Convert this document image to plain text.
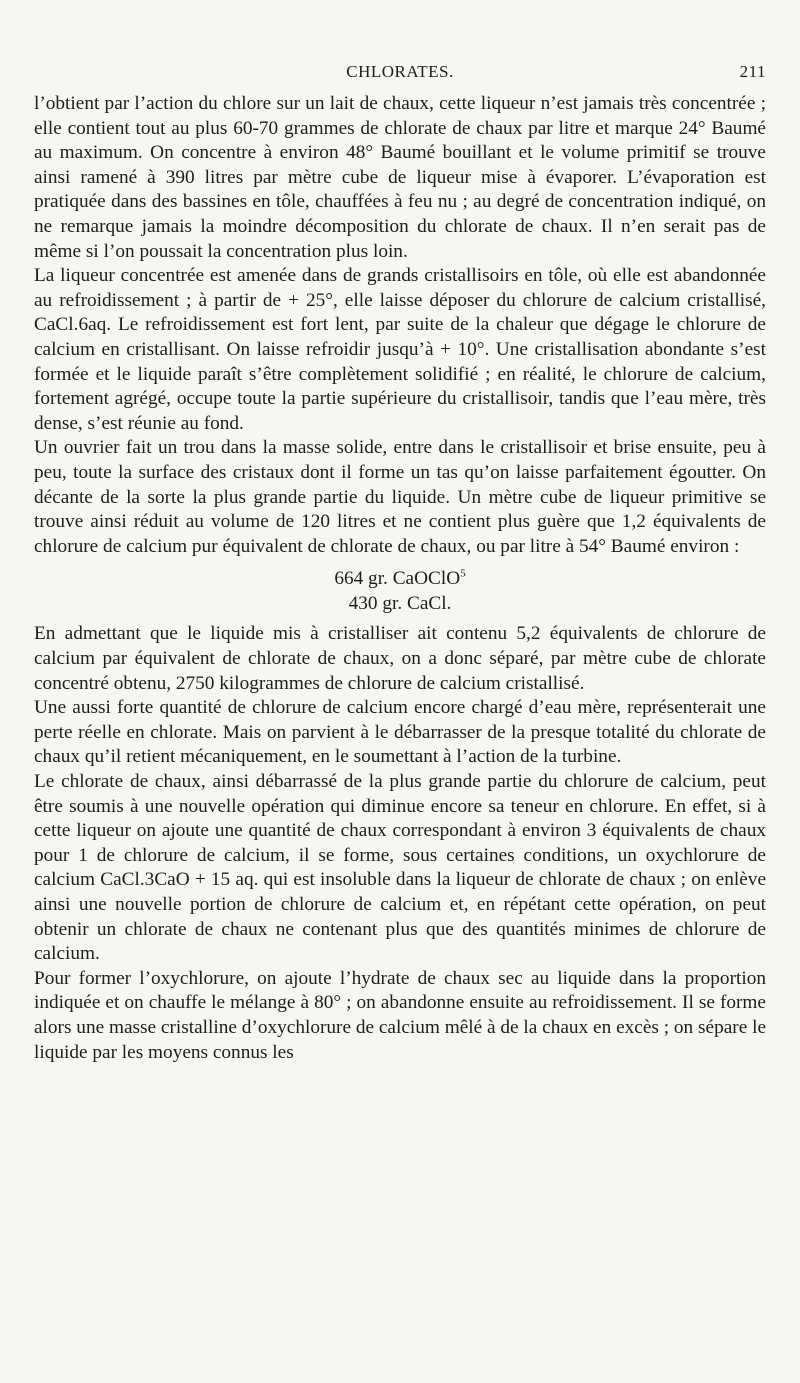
CHLORATES.	211

l’obtient par l’action du chlore sur un lait de chaux, cette liqueur n’est jamais très concentrée ; elle contient tout au plus 60-70 grammes de chlorate de chaux par litre et marque 24° Baumé au maximum. On concentre à environ 48° Baumé bouillant et le volume primitif se trouve ainsi ramené à 390 litres par mètre cube de liqueur mise à évaporer. L’évaporation est pratiquée dans des bassines en tôle, chauffées à feu nu ; au degré de concentration indiqué, on ne remarque jamais la moindre décomposition du chlorate de chaux. Il n’en serait pas de même si l’on poussait la concentration plus loin.

La liqueur concentrée est amenée dans de grands cristallisoirs en tôle, où elle est abandonnée au refroidissement ; à partir de + 25°, elle laisse déposer du chlorure de calcium cristallisé, CaCl.6aq. Le refroidissement est fort lent, par suite de la chaleur que dégage le chlorure de calcium en cristallisant. On laisse refroidir jusqu’à + 10°. Une cristallisation abondante s’est formée et le liquide paraît s’être complètement solidifié ; en réalité, le chlorure de calcium, fortement agrégé, occupe toute la partie supérieure du cristallisoir, tandis que l’eau mère, très dense, s’est réunie au fond.

Un ouvrier fait un trou dans la masse solide, entre dans le cristallisoir et brise ensuite, peu à peu, toute la surface des cristaux dont il forme un tas qu’on laisse parfaitement égoutter. On décante de la sorte la plus grande partie du liquide. Un mètre cube de liqueur primitive se trouve ainsi réduit au volume de 120 litres et ne contient plus guère que 1,2 équivalents de chlorure de calcium pur équivalent de chlorate de chaux, ou par litre à 54° Baumé environ :

664 gr. CaOClO$^5$
430 gr. CaCl.

En admettant que le liquide mis à cristalliser ait contenu 5,2 équivalents de chlorure de calcium par équivalent de chlorate de chaux, on a donc séparé, par mètre cube de chlorate concentré obtenu, 2750 kilogrammes de chlorure de calcium cristallisé.

Une aussi forte quantité de chlorure de calcium encore chargé d’eau mère, représenterait une perte réelle en chlorate. Mais on parvient à le débarrasser de la presque totalité du chlorate de chaux qu’il retient mécaniquement, en le soumettant à l’action de la turbine.

Le chlorate de chaux, ainsi débarrassé de la plus grande partie du chlorure de calcium, peut être soumis à une nouvelle opération qui diminue encore sa teneur en chlorure. En effet, si à cette liqueur on ajoute une quantité de chaux correspondant à environ 3 équivalents de chaux pour 1 de chlorure de calcium, il se forme, sous certaines conditions, un oxychlorure de calcium CaCl.3CaO + 15 aq. qui est insoluble dans la liqueur de chlorate de chaux ; on enlève ainsi une nouvelle portion de chlorure de calcium et, en répétant cette opération, on peut obtenir un chlorate de chaux ne contenant plus que des quantités minimes de chlorure de calcium.

Pour former l’oxychlorure, on ajoute l’hydrate de chaux sec au liquide dans la proportion indiquée et on chauffe le mélange à 80° ; on abandonne ensuite au refroidissement. Il se forme alors une masse cristalline d’oxychlorure de calcium mêlé à de la chaux en excès ; on sépare le liquide par les moyens connus les
